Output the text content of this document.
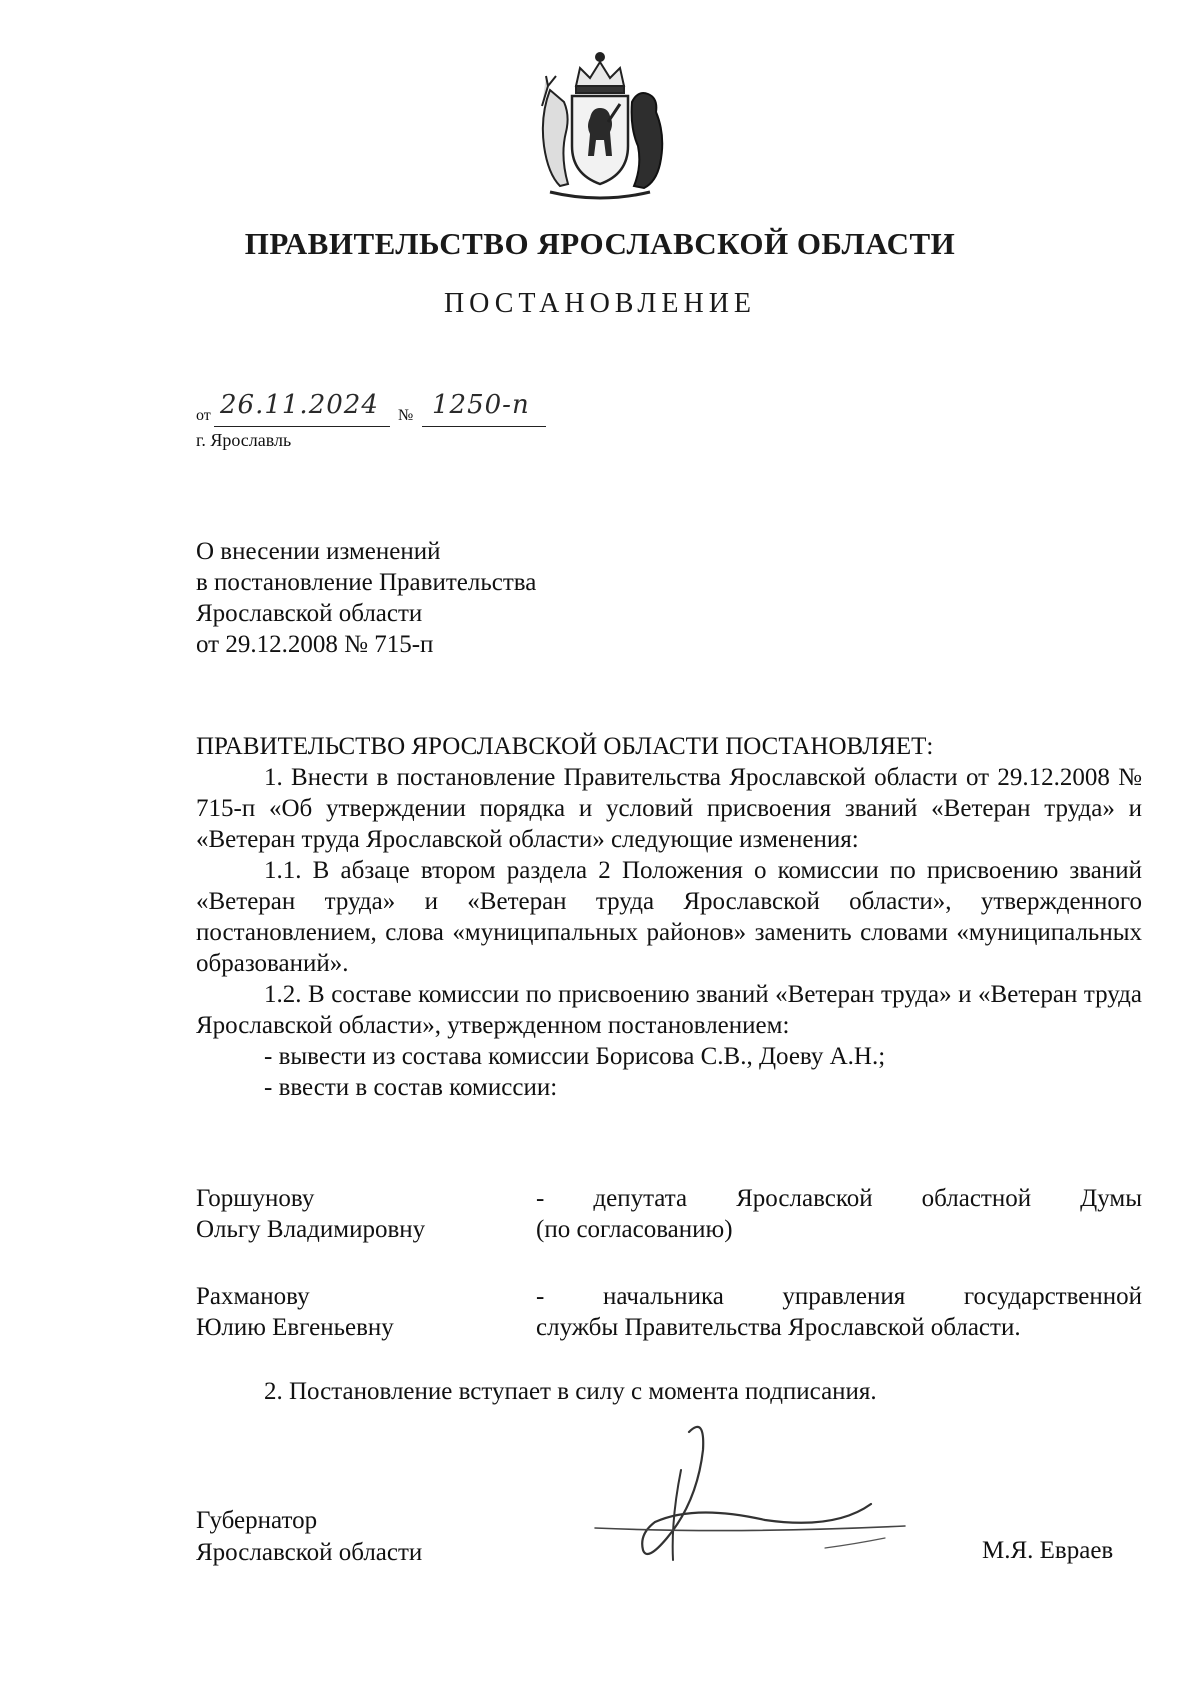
ПРАВИТЕЛЬСТВО ЯРОСЛАВСКОЙ ОБЛАСТИ
ПОСТАНОВЛЕНИЕ
от 26.11.2024 № 1250-п
г. Ярославль
О внесении изменений
в постановление Правительства
Ярославской области
от 29.12.2008 № 715-п
ПРАВИТЕЛЬСТВО ЯРОСЛАВСКОЙ ОБЛАСТИ ПОСТАНОВЛЯЕТ:
1. Внести в постановление Правительства Ярославской области от 29.12.2008 № 715-п «Об утверждении порядка и условий присвоения званий «Ветеран труда» и «Ветеран труда Ярославской области» следующие изменения:
1.1. В абзаце втором раздела 2 Положения о комиссии по присвоению званий «Ветеран труда» и «Ветеран труда Ярославской области», утвержденного постановлением, слова «муниципальных районов» заменить словами «муниципальных образований».
1.2. В составе комиссии по присвоению званий «Ветеран труда» и «Ветеран труда Ярославской области», утвержденном постановлением:
- вывести из состава комиссии Борисова С.В., Доеву А.Н.;
- ввести в состав комиссии:
Горшунову
Ольгу Владимировну
- депутата Ярославской областной Думы
(по согласованию)
Рахманову
Юлию Евгеньевну
- начальника управления государственной
службы Правительства Ярославской области.
2. Постановление вступает в силу с момента подписания.
Губернатор
Ярославской области	М.Я. Евраев
